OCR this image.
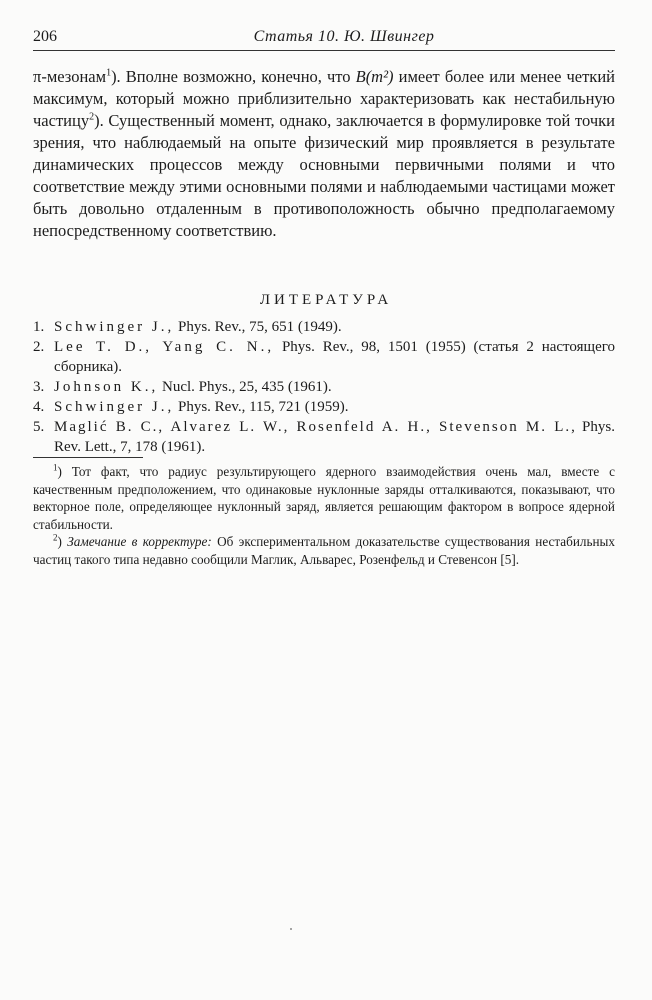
206	Статья 10. Ю. Швингер

π-мезонам$^1$). Вполне возможно, конечно, что B(m²) имеет более или менее четкий максимум, который можно приблизительно характеризовать как нестабильную частицу$^2$). Существенный момент, однако, заключается в формулировке той точки зрения, что наблюдаемый на опыте физический мир проявляется в результате динамических процессов между основными первичными полями и что соответствие между этими основными полями и наблюдаемыми частицами может быть довольно отдаленным в противоположность обычно предполагаемому непосредственному соответствию.

ЛИТЕРАТУРА
1. Schwinger J., Phys. Rev., 75, 651 (1949).
2. Lee T. D., Yang C. N., Phys. Rev., 98, 1501 (1955) (статья 2 настоящего сборника).
3. Johnson K., Nucl. Phys., 25, 435 (1961).
4. Schwinger J., Phys. Rev., 115, 721 (1959).
5. Maglić B. C., Alvarez L. W., Rosenfeld A. H., Stevenson M. L., Phys. Rev. Lett., 7, 178 (1961).

$^1$) Тот факт, что радиус результирующего ядерного взаимодействия очень мал, вместе с качественным предположением, что одинаковые нуклонные заряды отталкиваются, показывают, что векторное поле, определяющее нуклонный заряд, является решающим фактором в вопросе ядерной стабильности.

$^2$) Замечание в корректуре: Об экспериментальном доказательстве существования нестабильных частиц такого типа недавно сообщили Маглик, Альварес, Розенфельд и Стевенсон [5].
